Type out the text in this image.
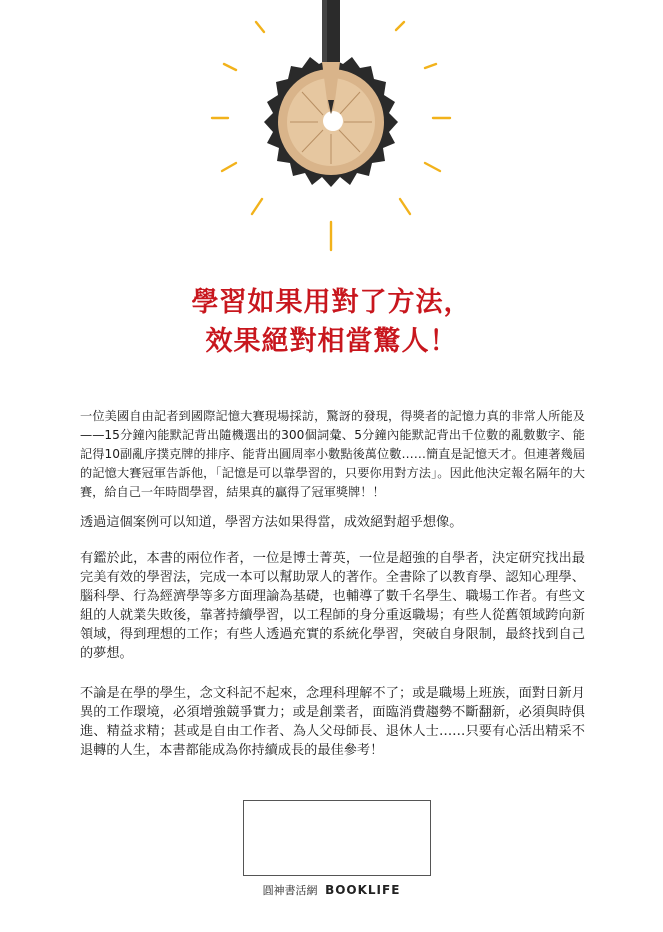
學習如果用對了方法，
效果絕對相當驚人！

一位美國自由記者到國際記憶大賽現場採訪，驚訝的發現，得獎者的記憶力真的非常人所能及——15分鐘內能默記背出隨機選出的300個詞彙、5分鐘內能默記背出千位數的亂數數字、能記得10副亂序撲克牌的排序、能背出圓周率小數點後萬位數……簡直是記憶天才。但連著幾屆的記憶大賽冠軍告訴他，「記憶是可以靠學習的，只要你用對方法」。因此他決定報名隔年的大賽，給自己一年時間學習，結果真的贏得了冠軍獎牌！！

透過這個案例可以知道，學習方法如果得當，成效絕對超乎想像。

有鑑於此，本書的兩位作者，一位是博士菁英，一位是超強的自學者，決定研究找出最完美有效的學習法，完成一本可以幫助眾人的著作。全書除了以教育學、認知心理學、腦科學、行為經濟學等多方面理論為基礎，也輔導了數千名學生、職場工作者。有些文組的人就業失敗後，靠著持續學習，以工程師的身分重返職場；有些人從舊領域跨向新領域，得到理想的工作；有些人透過充實的系統化學習，突破自身限制，最終找到自己的夢想。

不論是在學的學生，念文科記不起來，念理科理解不了；或是職場上班族，面對日新月異的工作環境，必須增強競爭實力；或是創業者，面臨消費趨勢不斷翻新，必須與時俱進、精益求精；甚或是自由工作者、為人父母師長、退休人士……只要有心活出精采不退轉的人生，本書都能成為你持續成長的最佳參考！

圓神書活網 BOOKLIFE
